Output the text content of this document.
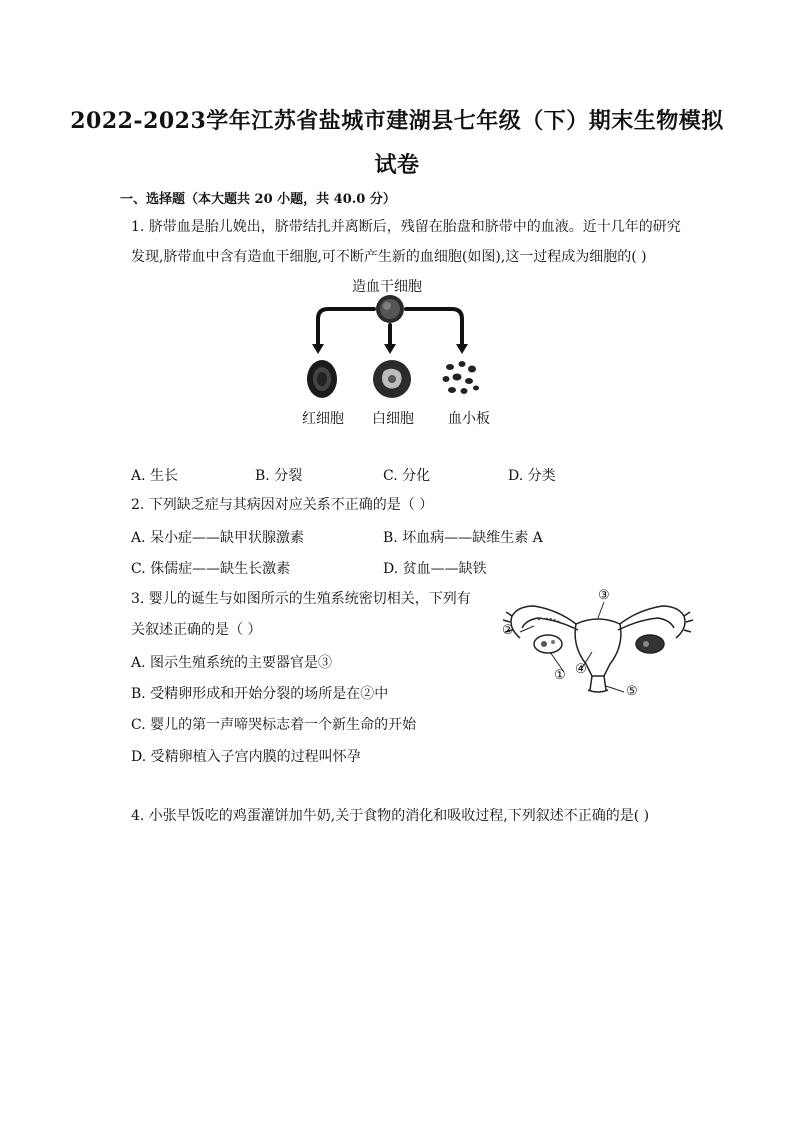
2022-2023学年江苏省盐城市建湖县七年级（下）期末生物模拟
试卷
一、选择题（本大题共 20 小题，共 40.0 分）
1. 脐带血是胎儿娩出，脐带结扎并离断后，残留在胎盘和脐带中的血液。近十几年的研究
发现,脐带血中含有造血干细胞,可不断产生新的血细胞(如图),这一过程成为细胞的( )
造血干细胞
红细胞 白细胞 血小板
A. 生长	B. 分裂	C. 分化	D. 分类
2. 下列缺乏症与其病因对应关系不正确的是（ ）
A. 呆小症——缺甲状腺激素	B. 坏血病——缺维生素 A
C. 侏儒症——缺生长激素	D. 贫血——缺铁
3. 婴儿的诞生与如图所示的生殖系统密切相关，下列有
关叙述正确的是（ ）
A. 图示生殖系统的主要器官是③
B. 受精卵形成和开始分裂的场所是在②中
C. 婴儿的第一声啼哭标志着一个新生命的开始
D. 受精卵植入子宫内膜的过程叫怀孕
③
②
④
①
⑤
4. 小张早饭吃的鸡蛋灌饼加牛奶,关于食物的消化和吸收过程,下列叙述不正确的是( )
